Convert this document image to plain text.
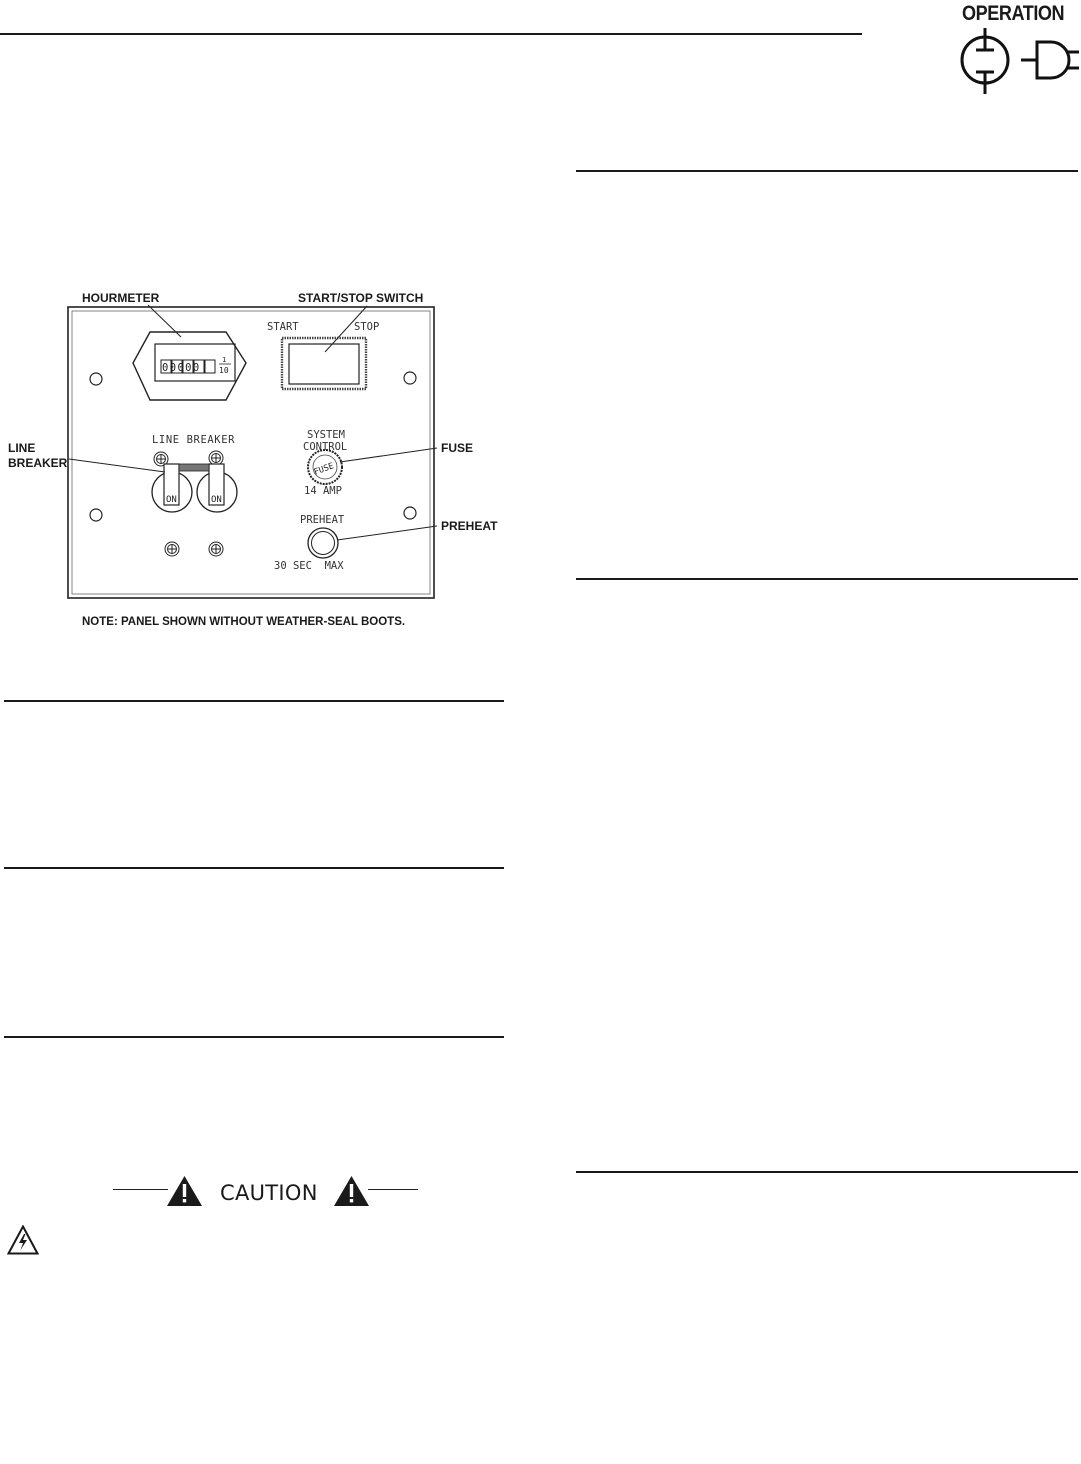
OPERATION
HOURMETER	START/STOP SWITCH
LINE
BREAKER
FUSE
PREHEAT
00000
1
10
START	STOP
LINE BREAKER
ON	ON
SYSTEM
CONTROL
FUSE
14 AMP
PREHEAT
30 SEC  MAX
NOTE: PANEL SHOWN WITHOUT WEATHER-SEAL BOOTS.
CAUTION
